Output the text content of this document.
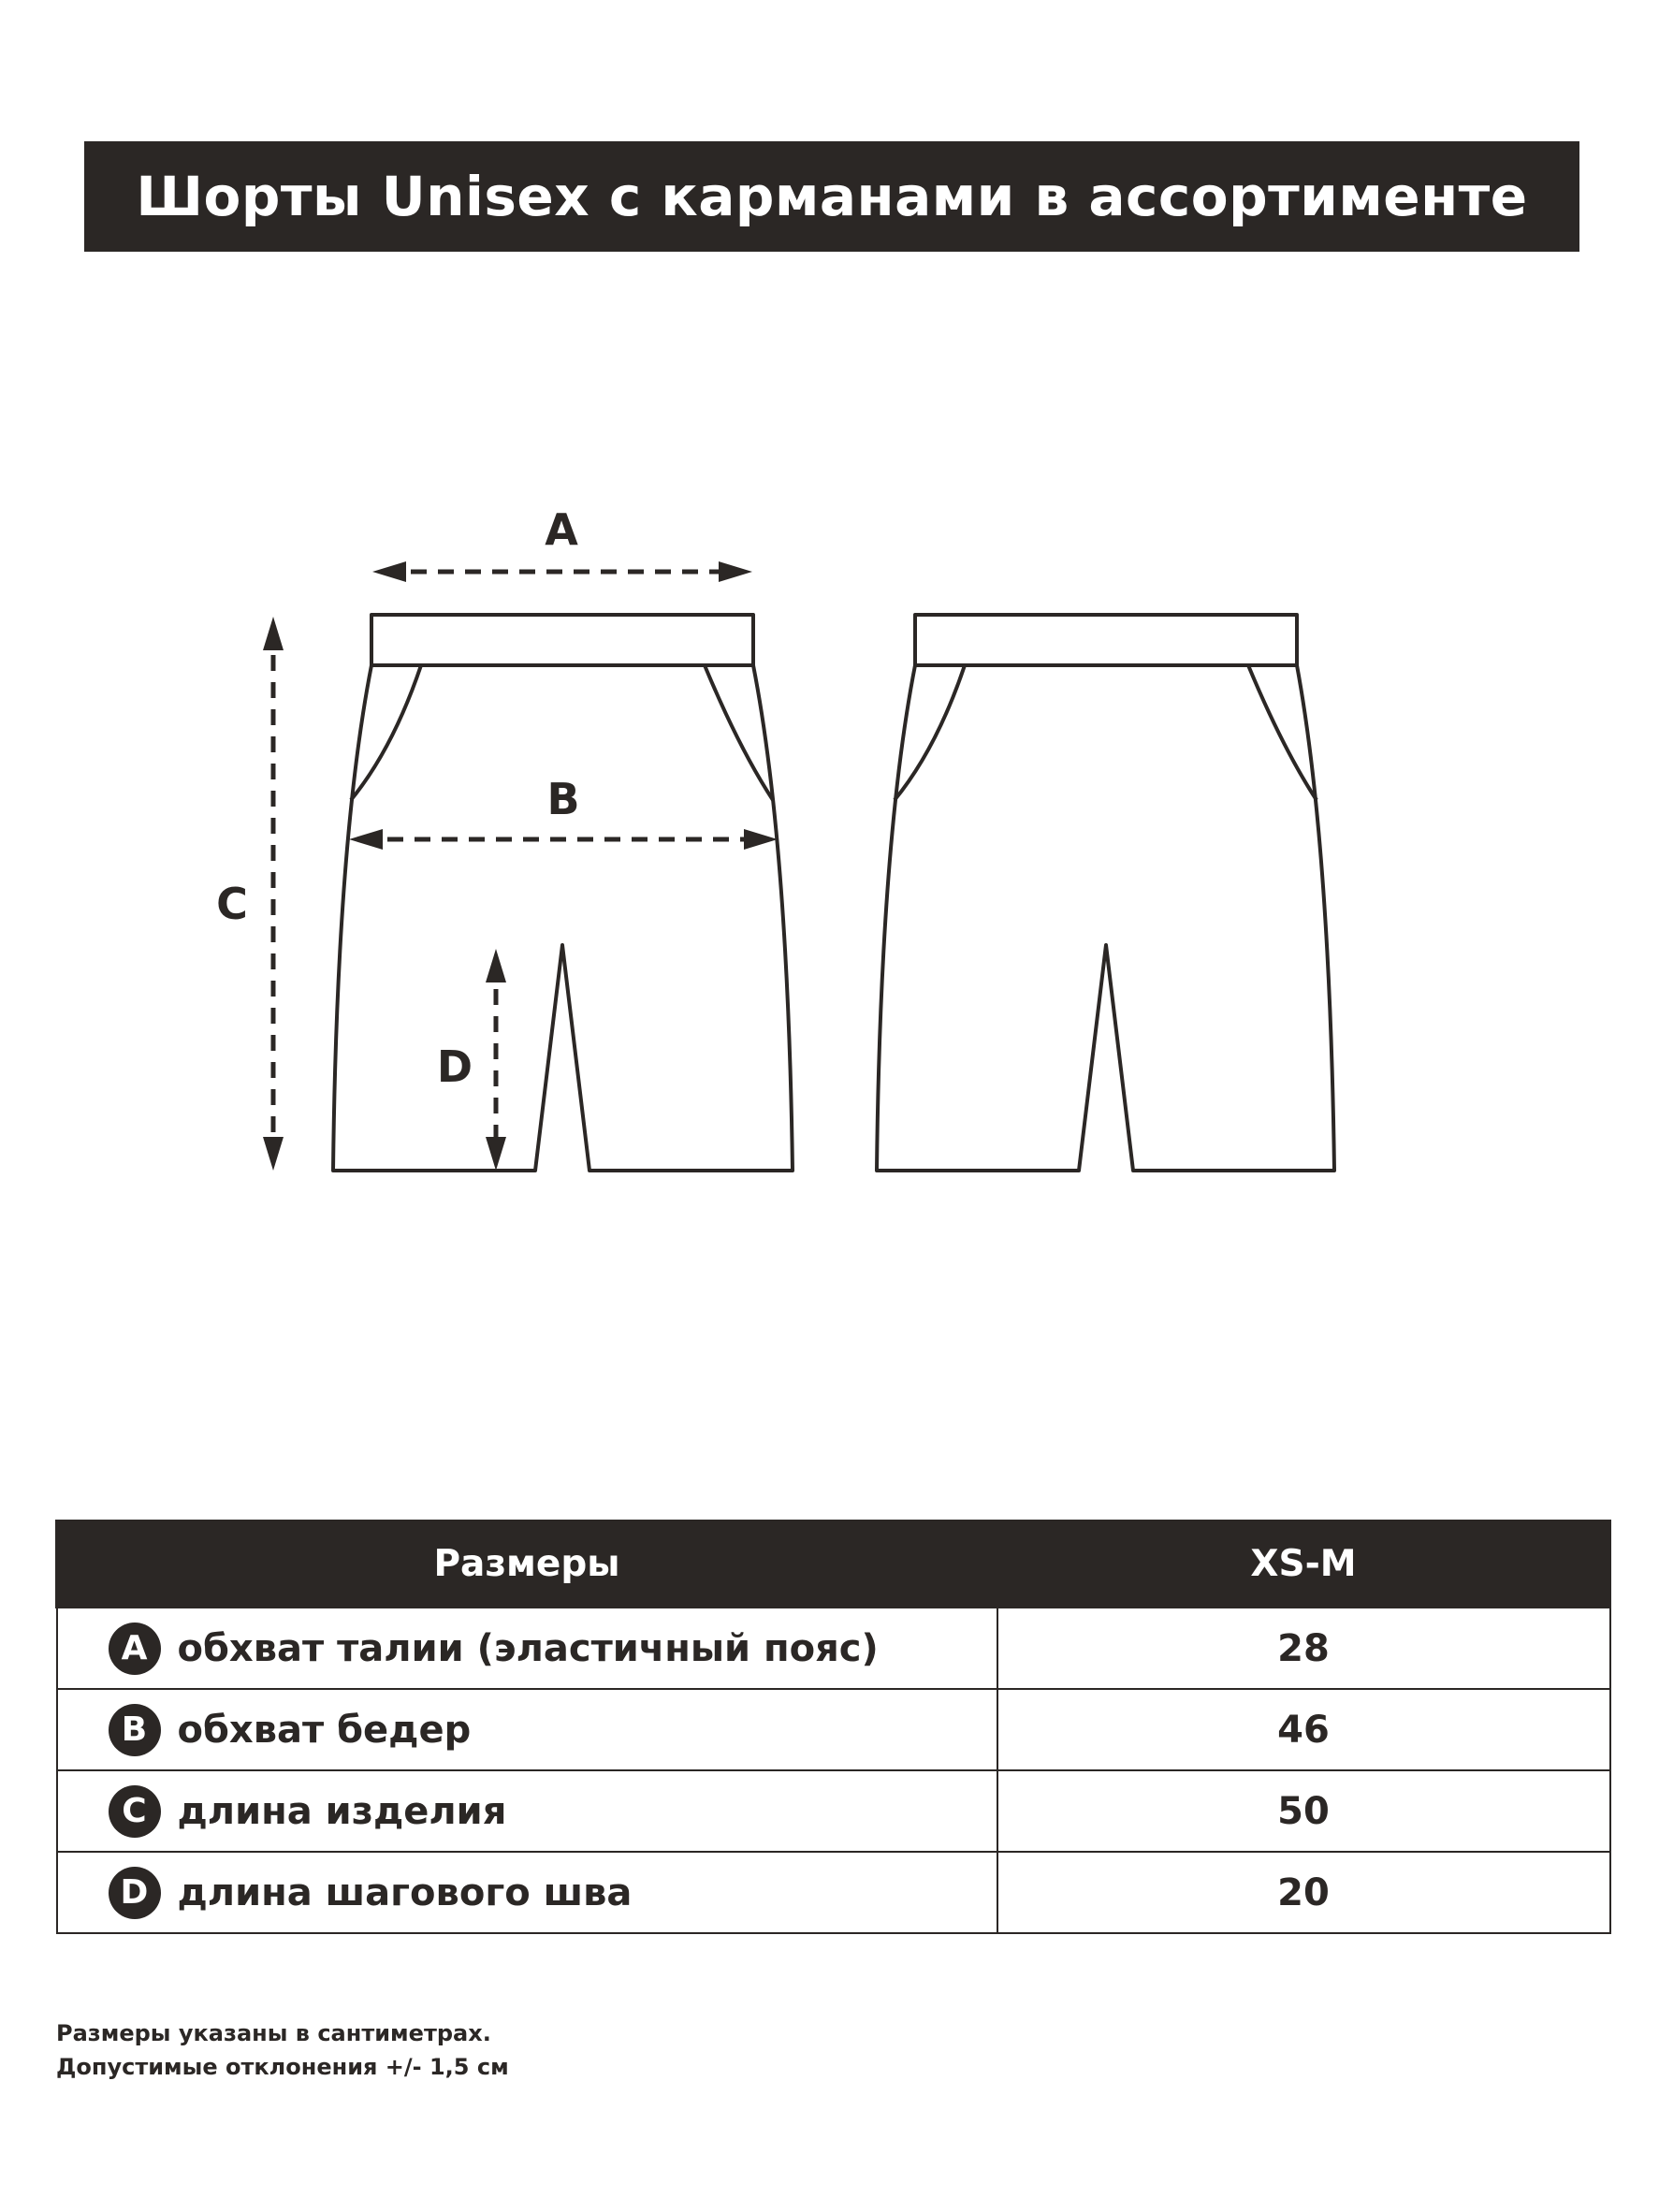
Шорты Unisex с карманами в ассортименте
A
B
C
D
Размеры	XS-M
A обхват талии (эластичный пояс)	28
B обхват бедер	46
C длина изделия	50
D длина шагового шва	20
Размеры указаны в сантиметрах.
Допустимые отклонения +/- 1,5 см
